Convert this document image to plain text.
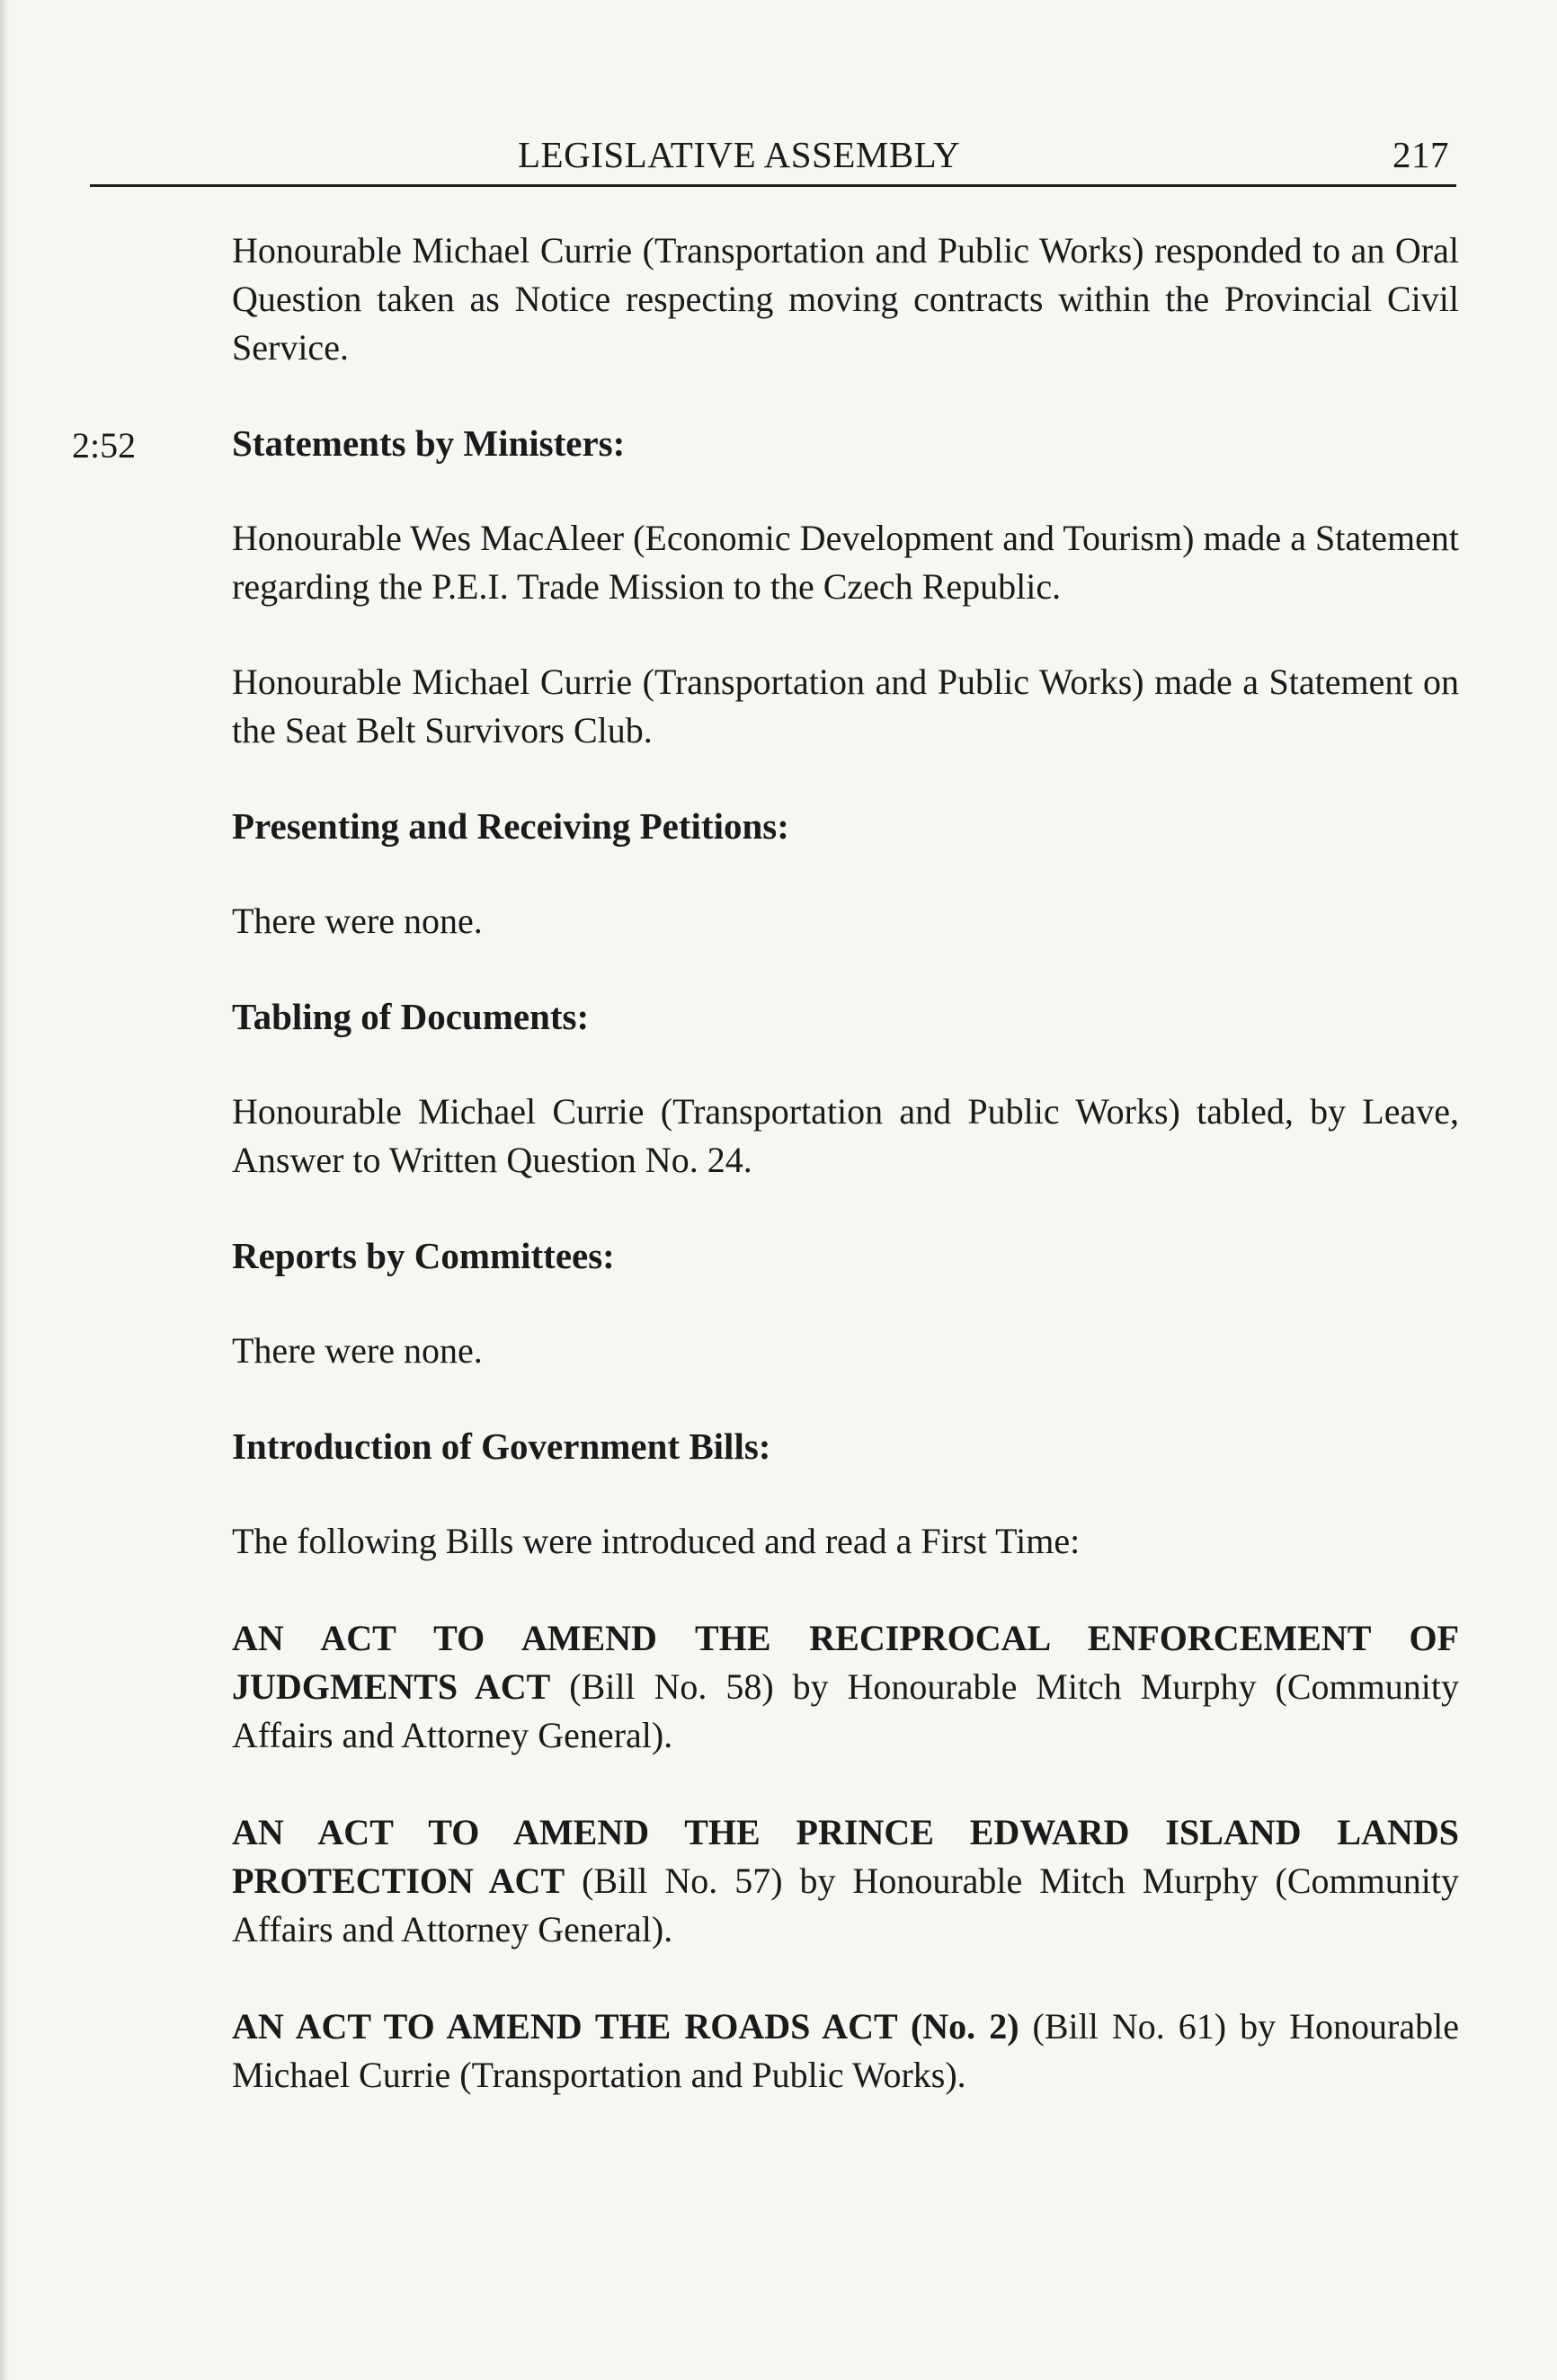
LEGISLATIVE ASSEMBLY	217
2:52

Honourable Michael Currie (Transportation and Public Works) responded to an Oral Question taken as Notice respecting moving contracts within the Provincial Civil Service.

Statements by Ministers:

Honourable Wes MacAleer (Economic Development and Tourism) made a Statement regarding the P.E.I. Trade Mission to the Czech Republic.

Honourable Michael Currie (Transportation and Public Works) made a Statement on the Seat Belt Survivors Club.

Presenting and Receiving Petitions:

There were none.

Tabling of Documents:

Honourable Michael Currie (Transportation and Public Works) tabled, by Leave, Answer to Written Question No. 24.

Reports by Committees:

There were none.

Introduction of Government Bills:

The following Bills were introduced and read a First Time:

AN ACT TO AMEND THE RECIPROCAL ENFORCEMENT OF JUDGMENTS ACT (Bill No. 58) by Honourable Mitch Murphy (Community Affairs and Attorney General).

AN ACT TO AMEND THE PRINCE EDWARD ISLAND LANDS PROTECTION ACT (Bill No. 57) by Honourable Mitch Murphy (Community Affairs and Attorney General).

AN ACT TO AMEND THE ROADS ACT (No. 2) (Bill No. 61) by Honourable Michael Currie (Transportation and Public Works).
